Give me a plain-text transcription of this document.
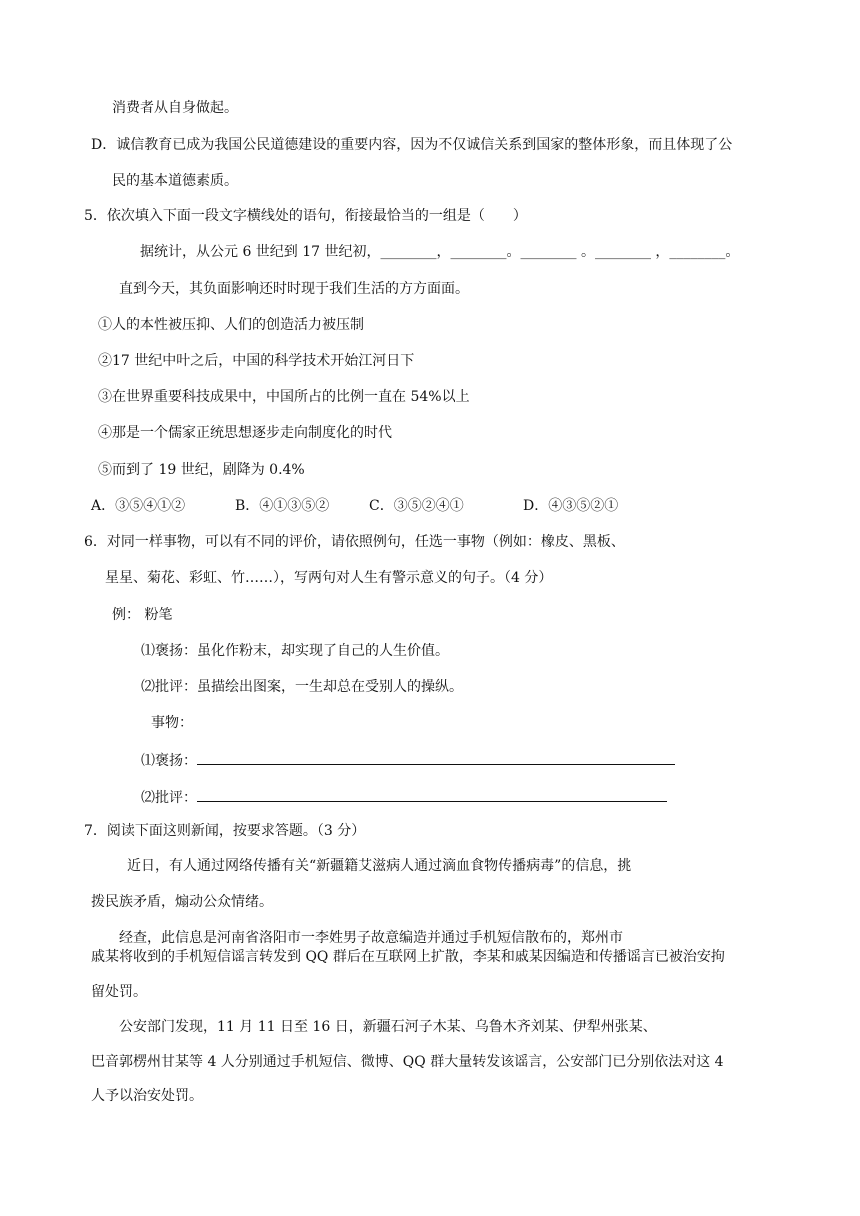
消费者从自身做起。
D．诚信教育已成为我国公民道德建设的重要内容，因为不仅诚信关系到国家的整体形象，而且体现了公
民的基本道德素质。
5．依次填入下面一段文字横线处的语句，衔接最恰当的一组是（　　）
据统计，从公元 6 世纪到 17 世纪初，________，________。________ 。________ ，________。
直到今天，其负面影响还时时现于我们生活的方方面面。
①人的本性被压抑、人们的创造活力被压制
②17 世纪中叶之后，中国的科学技术开始江河日下
③在世界重要科技成果中，中国所占的比例一直在 54%以上
④那是一个儒家正统思想逐步走向制度化的时代
⑤而到了 19 世纪，剧降为 0.4%
A．③⑤④①②	B．④①③⑤②	C．③⑤②④①	D．④③⑤②①
6．对同一样事物，可以有不同的评价，请依照例句，任选一事物（例如：橡皮、黑板、
星星、菊花、彩虹、竹……），写两句对人生有警示意义的句子。（4 分）
例： 粉笔
⑴褒扬：虽化作粉末，却实现了自己的人生价值。
⑵批评：虽描绘出图案，一生却总在受别人的操纵。
事物：
⑴褒扬：
⑵批评：
7．阅读下面这则新闻，按要求答题。（3 分）
近日，有人通过网络传播有关“新疆籍艾滋病人通过滴血食物传播病毒”的信息，挑
拨民族矛盾，煽动公众情绪。
经查，此信息是河南省洛阳市一李姓男子故意编造并通过手机短信散布的，郑州市
戚某将收到的手机短信谣言转发到 QQ 群后在互联网上扩散，李某和戚某因编造和传播谣言已被治安拘
留处罚。
公安部门发现，11 月 11 日至 16 日，新疆石河子木某、乌鲁木齐刘某、伊犁州张某、
巴音郭楞州甘某等 4 人分别通过手机短信、微博、QQ 群大量转发该谣言，公安部门已分别依法对这 4
人予以治安处罚。
